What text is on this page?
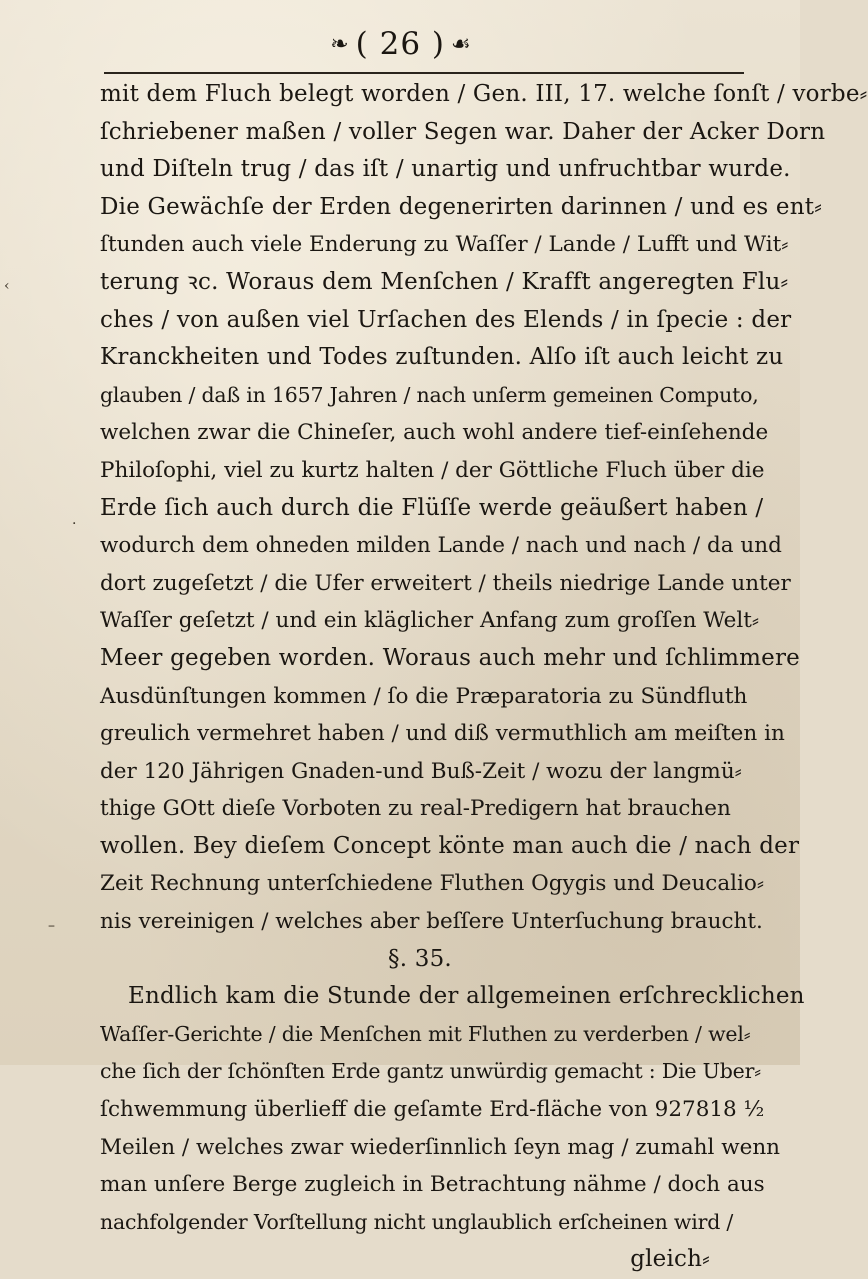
❧ ( 26 ) ☙
‹
·
–
mit dem Fluch belegt worden / Gen. III, 17. welche ſonſt / vorbe⸗
ſchriebener maßen / voller Segen war. Daher der Acker Dorn
und Diſteln trug / das iſt / unartig und unfruchtbar wurde.
Die Gewächſe der Erden degenerirten darinnen / und es ent⸗
ſtunden auch viele Enderung zu Waſſer / Lande / Lufft und Wit⸗
terung ꝛc. Woraus dem Menſchen / Krafft angeregten Flu⸗
ches / von außen viel Urſachen des Elends / in ſpecie : der
Kranckheiten und Todes zuſtunden. Alſo iſt auch leicht zu
glauben / daß in 1657 Jahren / nach unſerm gemeinen Computo,
welchen zwar die Chineſer, auch wohl andere tief-einſehende
Philoſophi, viel zu kurtz halten / der Göttliche Fluch über die
Erde ſich auch durch die Flüſſe werde geäußert haben /
wodurch dem ohneden milden Lande / nach und nach / da und
dort zugeſetzt / die Ufer erweitert / theils niedrige Lande unter
Waſſer geſetzt / und ein kläglicher Anfang zum groſſen Welt⸗
Meer gegeben worden. Woraus auch mehr und ſchlimmere
Ausdünſtungen kommen / ſo die Præparatoria zu Sündfluth
greulich vermehret haben / und diß vermuthlich am meiſten in
der 120 Jährigen Gnaden-und Buß-Zeit / wozu der langmü⸗
thige GOtt dieſe Vorboten zu real-Predigern hat brauchen
wollen. Bey dieſem Concept könte man auch die / nach der
Zeit Rechnung unterſchiedene Fluthen Ogygis und Deucalio⸗
nis vereinigen / welches aber beſſere Unterſuchung braucht.
§. 35.
Endlich kam die Stunde der allgemeinen erſchrecklichen
Waſſer-Gerichte / die Menſchen mit Fluthen zu verderben / wel⸗
che ſich der ſchönſten Erde gantz unwürdig gemacht : Die Uber⸗
ſchwemmung überlieff die geſamte Erd-fläche von 927818 ½
Meilen / welches zwar wiederſinnlich ſeyn mag / zumahl wenn
man unſere Berge zugleich in Betrachtung nähme / doch aus
nachfolgender Vorſtellung nicht unglaublich erſcheinen wird /
gleich⸗
